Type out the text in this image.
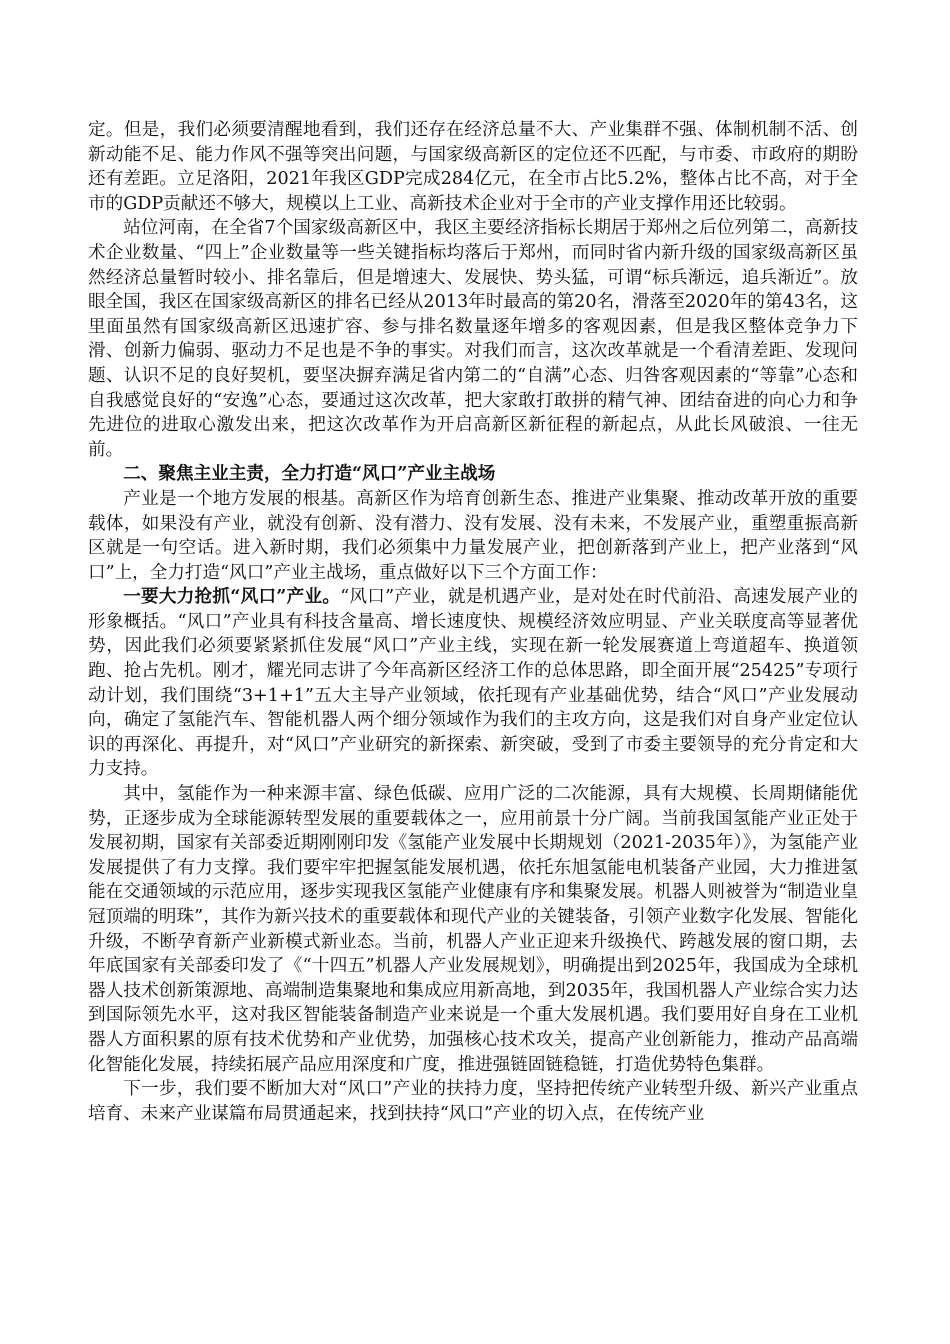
定。但是，我们必须要清醒地看到，我们还存在经济总量不大、产业集群不强、体制机制不活、创新动能不足、能力作风不强等突出问题，与国家级高新区的定位还不匹配，与市委、市政府的期盼还有差距。立足洛阳，2021年我区GDP完成284亿元，在全市占比5.2%，整体占比不高，对于全市的GDP贡献还不够大，规模以上工业、高新技术企业对于全市的产业支撑作用还比较弱。

站位河南，在全省7个国家级高新区中，我区主要经济指标长期居于郑州之后位列第二，高新技术企业数量、“四上”企业数量等一些关键指标均落后于郑州，而同时省内新升级的国家级高新区虽然经济总量暂时较小、排名靠后，但是增速大、发展快、势头猛，可谓“标兵渐远，追兵渐近”。放眼全国，我区在国家级高新区的排名已经从2013年时最高的第20名，滑落至2020年的第43名，这里面虽然有国家级高新区迅速扩容、参与排名数量逐年增多的客观因素，但是我区整体竞争力下滑、创新力偏弱、驱动力不足也是不争的事实。对我们而言，这次改革就是一个看清差距、发现问题、认识不足的良好契机，要坚决摒弃满足省内第二的“自满”心态、归咎客观因素的“等靠”心态和自我感觉良好的“安逸”心态，要通过这次改革，把大家敢打敢拼的精气神、团结奋进的向心力和争先进位的进取心激发出来，把这次改革作为开启高新区新征程的新起点，从此长风破浪、一往无前。

二、聚焦主业主责，全力打造“风口”产业主战场

产业是一个地方发展的根基。高新区作为培育创新生态、推进产业集聚、推动改革开放的重要载体，如果没有产业，就没有创新、没有潜力、没有发展、没有未来，不发展产业，重塑重振高新区就是一句空话。进入新时期，我们必须集中力量发展产业，把创新落到产业上，把产业落到“风口”上，全力打造“风口”产业主战场，重点做好以下三个方面工作：

一要大力抢抓“风口”产业。“风口”产业，就是机遇产业，是对处在时代前沿、高速发展产业的形象概括。“风口”产业具有科技含量高、增长速度快、规模经济效应明显、产业关联度高等显著优势，因此我们必须要紧紧抓住发展“风口”产业主线，实现在新一轮发展赛道上弯道超车、换道领跑、抢占先机。刚才，耀光同志讲了今年高新区经济工作的总体思路，即全面开展“25425”专项行动计划，我们围绕“3+1+1”五大主导产业领域，依托现有产业基础优势，结合“风口”产业发展动向，确定了氢能汽车、智能机器人两个细分领域作为我们的主攻方向，这是我们对自身产业定位认识的再深化、再提升，对“风口”产业研究的新探索、新突破，受到了市委主要领导的充分肯定和大力支持。

其中，氢能作为一种来源丰富、绿色低碳、应用广泛的二次能源，具有大规模、长周期储能优势，正逐步成为全球能源转型发展的重要载体之一，应用前景十分广阔。当前我国氢能产业正处于发展初期，国家有关部委近期刚刚印发《氢能产业发展中长期规划（2021-2035年）》，为氢能产业发展提供了有力支撑。我们要牢牢把握氢能发展机遇，依托东旭氢能电机装备产业园，大力推进氢能在交通领域的示范应用，逐步实现我区氢能产业健康有序和集聚发展。机器人则被誉为“制造业皇冠顶端的明珠”，其作为新兴技术的重要载体和现代产业的关键装备，引领产业数字化发展、智能化升级，不断孕育新产业新模式新业态。当前，机器人产业正迎来升级换代、跨越发展的窗口期，去年底国家有关部委印发了《“十四五”机器人产业发展规划》，明确提出到2025年，我国成为全球机器人技术创新策源地、高端制造集聚地和集成应用新高地，到2035年，我国机器人产业综合实力达到国际领先水平，这对我区智能装备制造产业来说是一个重大发展机遇。我们要用好自身在工业机器人方面积累的原有技术优势和产业优势，加强核心技术攻关，提高产业创新能力，推动产品高端化智能化发展，持续拓展产品应用深度和广度，推进强链固链稳链，打造优势特色集群。

下一步，我们要不断加大对“风口”产业的扶持力度，坚持把传统产业转型升级、新兴产业重点培育、未来产业谋篇布局贯通起来，找到扶持“风口”产业的切入点，在传统产业
